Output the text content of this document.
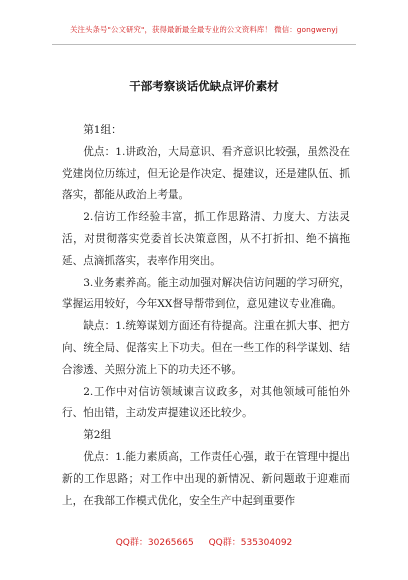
关注头条号"公文研究"，获得最新最全最专业的公文资料库！ 微信：gongwenyj
干部考察谈话优缺点评价素材

第1组：

优点：1.讲政治，大局意识、看齐意识比较强，虽然没在党建岗位历练过，但无论是作决定、提建议，还是建队伍、抓落实，都能从政治上考量。

2.信访工作经验丰富，抓工作思路清、力度大、方法灵活，对贯彻落实党委首长决策意图，从不打折扣、绝不搞拖延、点滴抓落实，表率作用突出。

3.业务素养高。能主动加强对解决信访问题的学习研究，掌握运用较好，今年XX督导帮带到位，意见建议专业准确。

缺点：1.统筹谋划方面还有待提高。注重在抓大事、把方向、统全局、促落实上下功夫。但在一些工作的科学谋划、结合渗透、关照分流上下的功夫还不够。

2.工作中对信访领域谏言议政多，对其他领域可能怕外行、怕出错，主动发声提建议还比较少。

第2组

优点：1.能力素质高，工作责任心强，敢于在管理中提出新的工作思路；对工作中出现的新情况、新问题敢于迎难而上，在我部工作模式优化，安全生产中起到重要作

QQ群：30265665 QQ群：535304092
